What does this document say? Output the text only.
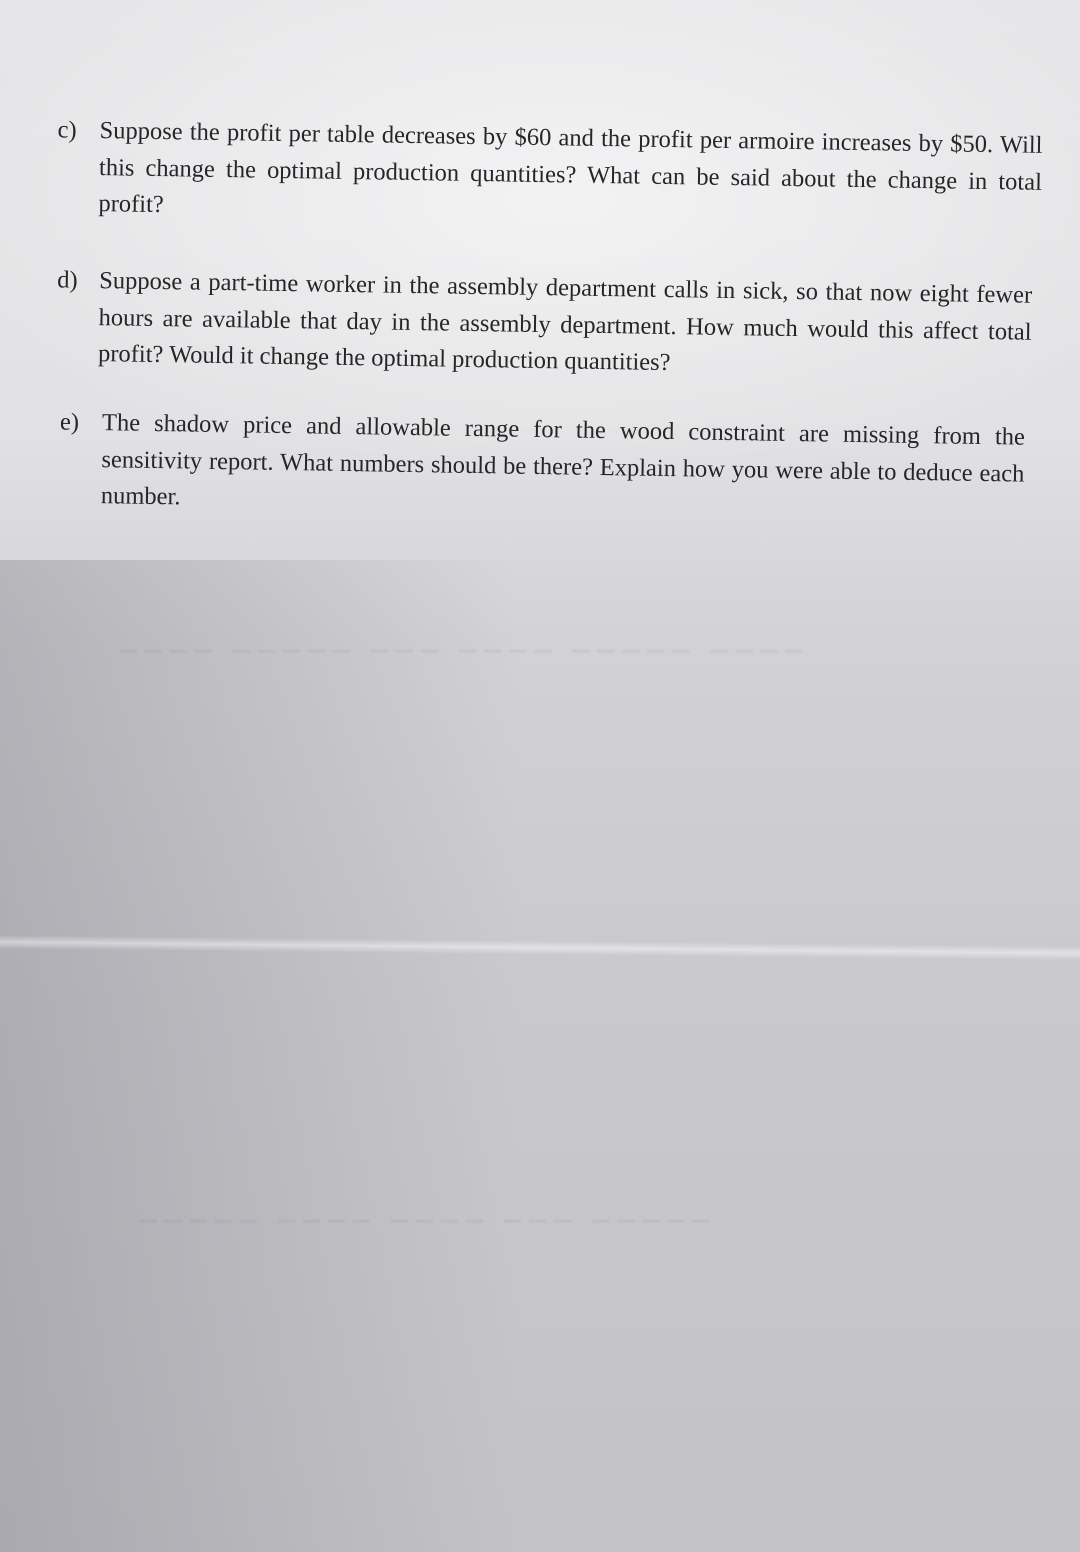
▔▔▔▔ ▔▔▔▔▔ ▔▔▔ ▔▔▔▔ ▔▔▔▔▔ ▔▔▔▔
▔▔▔▔▔ ▔▔▔▔ ▔▔▔▔ ▔▔▔ ▔▔▔▔▔
c) Suppose the profit per table decreases by $60 and the profit per armoire increases by $50. Will this change the optimal production quantities? What can be said about the change in total profit?
d) Suppose a part-time worker in the assembly department calls in sick, so that now eight fewer hours are available that day in the assembly department. How much would this affect total profit? Would it change the optimal production quantities?
e) The shadow price and allowable range for the wood constraint are missing from the sensitivity report. What numbers should be there? Explain how you were able to deduce each number.
